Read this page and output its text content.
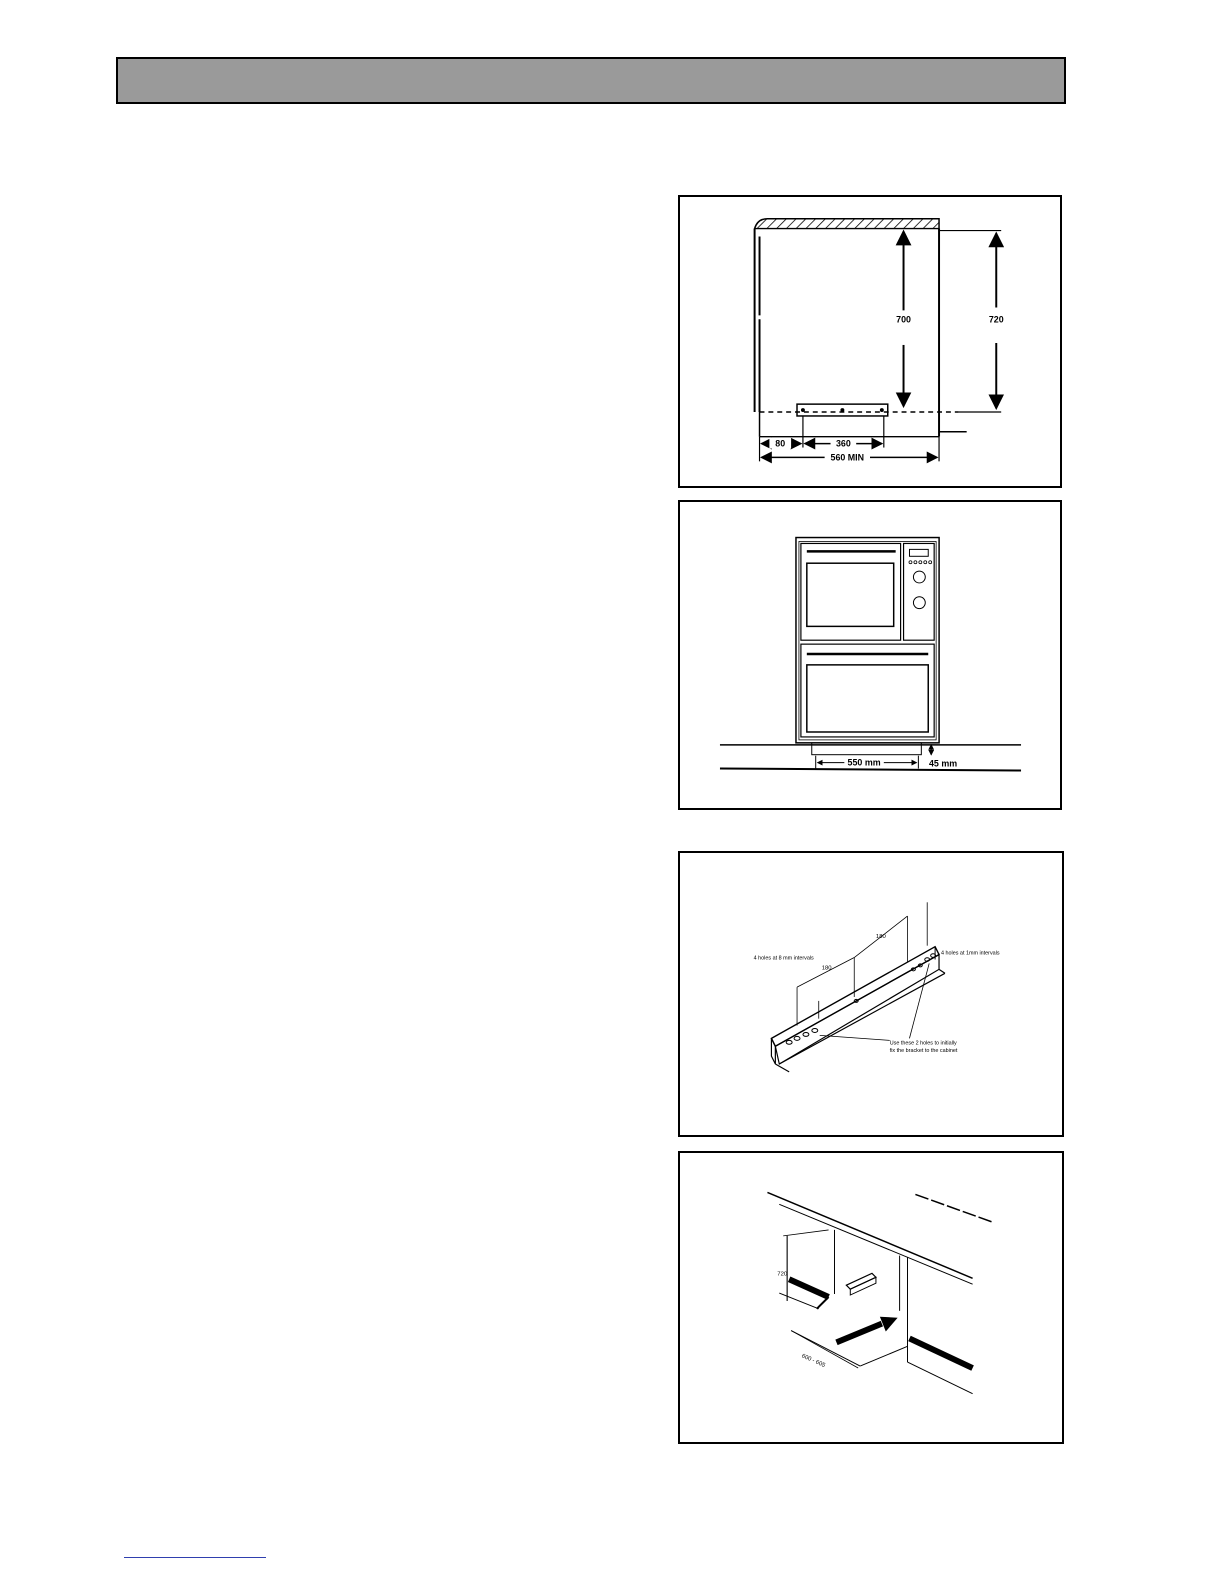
700	720
80	360
560 MIN
550 mm	45 mm
180
180
4 holes at 8 mm intervals
4 holes at 1mm intervals
Use these 2 holes to initially
fix the bracket to the cabinet
720
600 - 605
